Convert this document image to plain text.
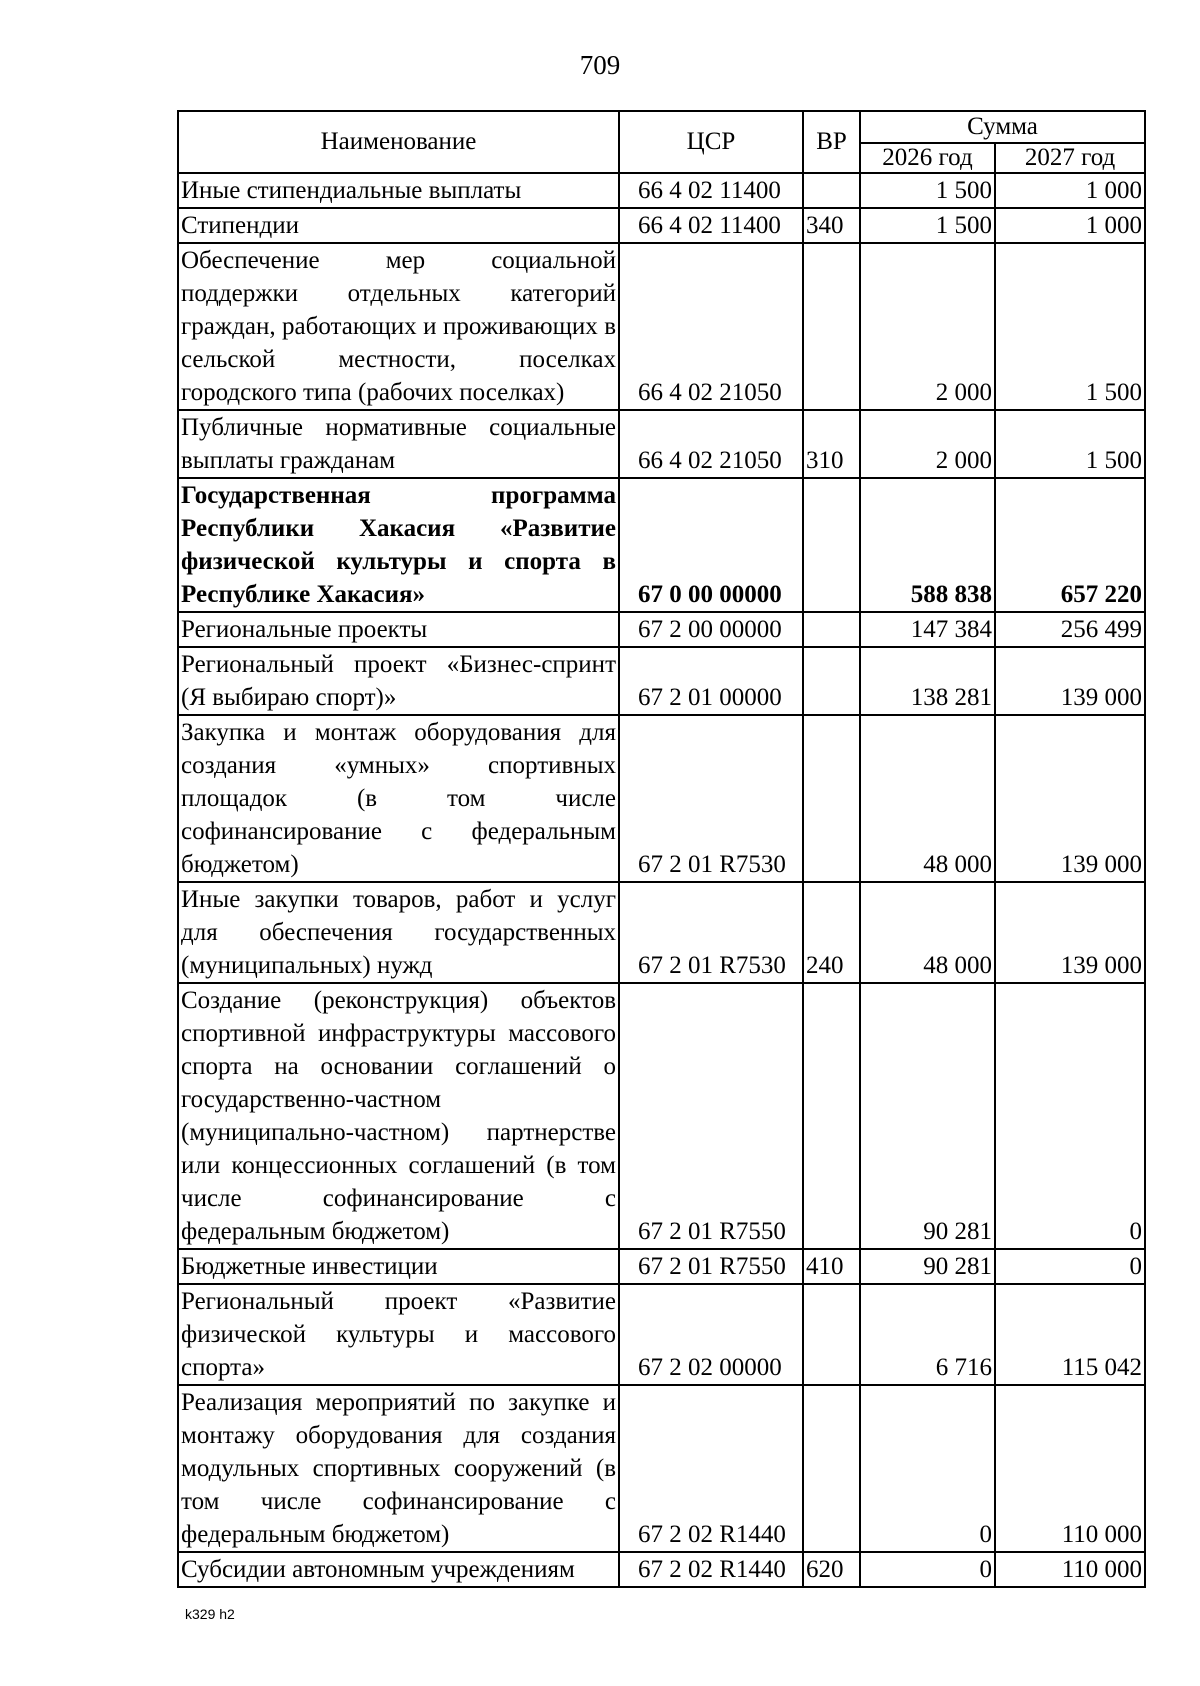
709
Наименование	ЦСР	ВР	Сумма	
			2026 год	2027 год
Иные стипендиальные выплаты	66 4 02 11400		1 500	1 000
Стипендии	66 4 02 11400	340	1 500	1 000
Обеспечение мер социальной поддержки отдельных категорий граждан, работающих и проживающих в сельской местности, поселках городского типа (рабочих поселках)	66 4 02 21050		2 000	1 500
Публичные нормативные социальные выплаты гражданам	66 4 02 21050	310	2 000	1 500
Государственная программа Республики Хакасия «Развитие физической культуры и спорта в Республике Хакасия»	67 0 00 00000		588 838	657 220
Региональные проекты	67 2 00 00000		147 384	256 499
Региональный проект «Бизнес-спринт (Я выбираю спорт)»	67 2 01 00000		138 281	139 000
Закупка и монтаж оборудования для создания «умных» спортивных площадок (в том числе софинансирование с федеральным бюджетом)	67 2 01 R7530		48 000	139 000
Иные закупки товаров, работ и услуг для обеспечения государственных (муниципальных) нужд	67 2 01 R7530	240	48 000	139 000
Создание (реконструкция) объектов спортивной инфраструктуры массового спорта на основании соглашений о государственно-частном (муниципально-частном) партнерстве или концессионных соглашений (в том числе софинансирование с федеральным бюджетом)	67 2 01 R7550		90 281	0
Бюджетные инвестиции	67 2 01 R7550	410	90 281	0
Региональный проект «Развитие физической культуры и массового спорта»	67 2 02 00000		6 716	115 042
Реализация мероприятий по закупке и монтажу оборудования для создания модульных спортивных сооружений (в том числе софинансирование с федеральным бюджетом)	67 2 02 R1440		0	110 000
Субсидии автономным учреждениям	67 2 02 R1440	620	0	110 000
k329 h2
